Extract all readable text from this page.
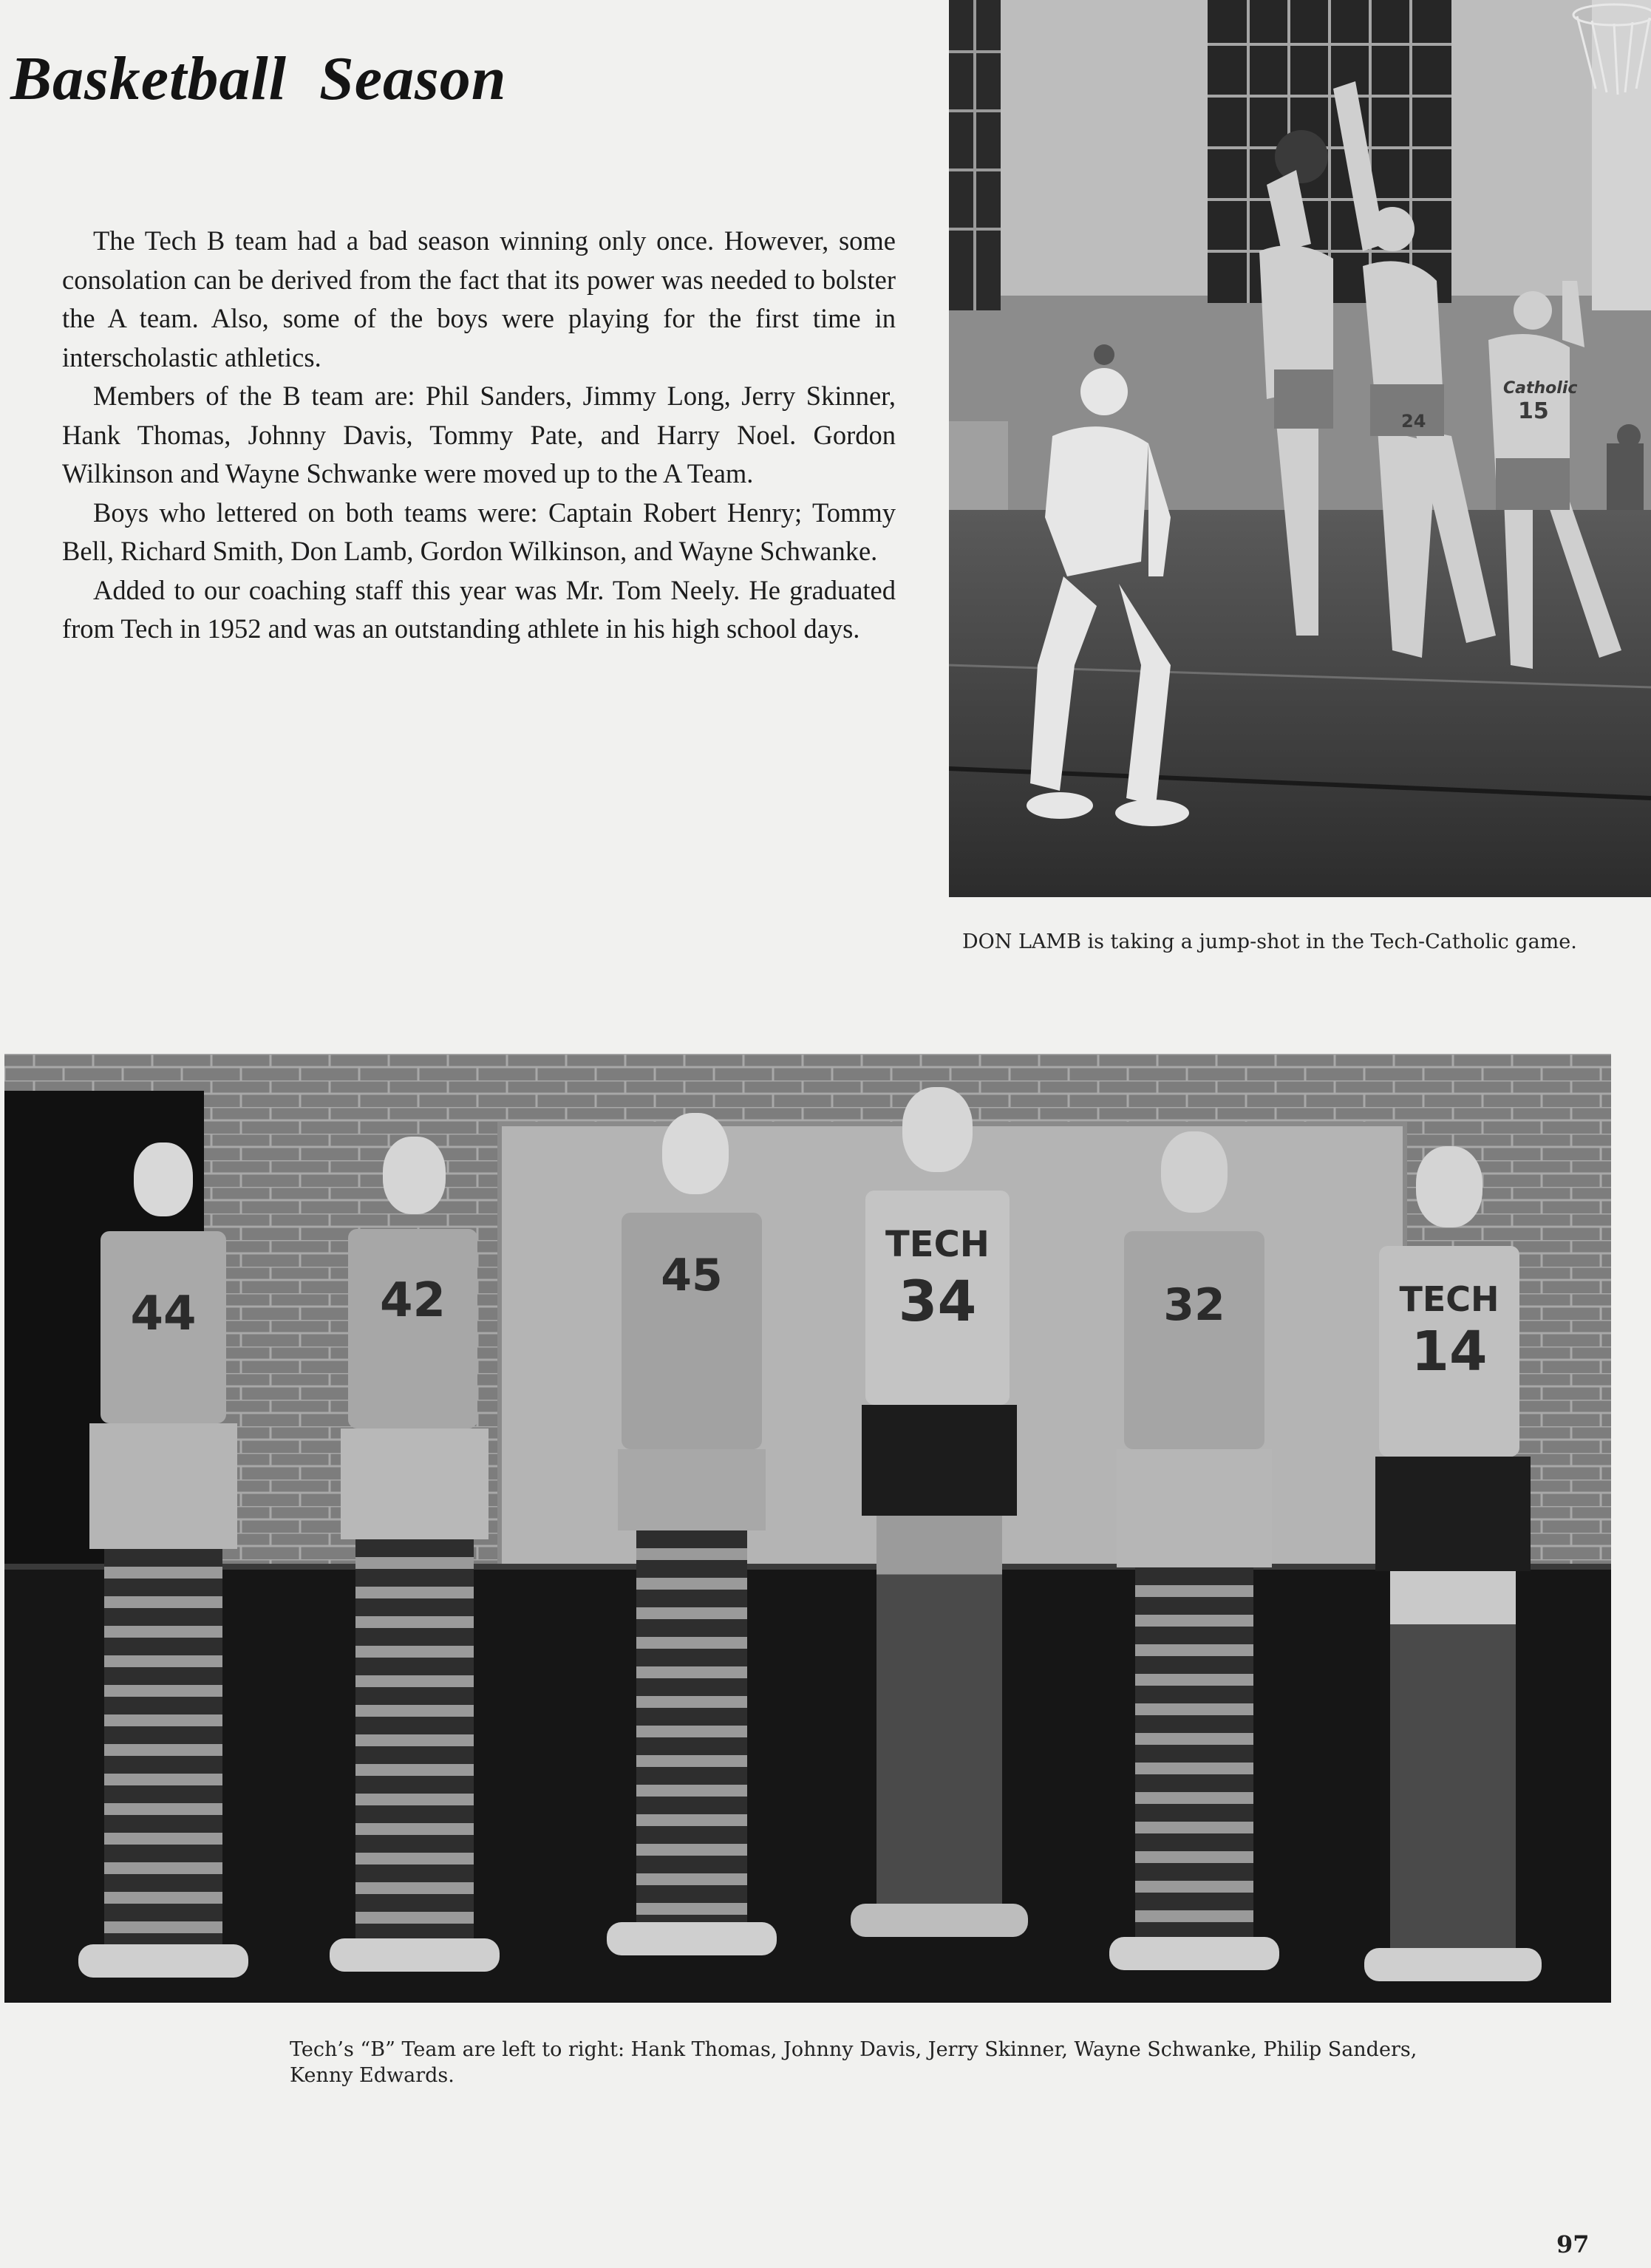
Basketball Season

The Tech B team had a bad season winning only once. However, some consolation can be derived from the fact that its power was needed to bolster the A team. Also, some of the boys were playing for the first time in interscholastic athletics.

Members of the B team are: Phil Sanders, Jimmy Long, Jerry Skinner, Hank Thomas, Johnny Davis, Tommy Pate, and Harry Noel. Gordon Wilkinson and Wayne Schwanke were moved up to the A Team.

Boys who lettered on both teams were: Captain Robert Henry; Tommy Bell, Richard Smith, Don Lamb, Gordon Wilkinson, and Wayne Schwanke.

Added to our coaching staff this year was Mr. Tom Neely. He graduated from Tech in 1952 and was an outstanding athlete in his high school days.

24
Catholic
15
DON LAMB is taking a jump-shot in the Tech-Catholic game.
44	42	45
TECH
34	32	TECH
14
Tech’s “B” Team are left to right: Hank Thomas, Johnny Davis, Jerry Skinner, Wayne Schwanke, Philip Sanders, Kenny Edwards.
97
